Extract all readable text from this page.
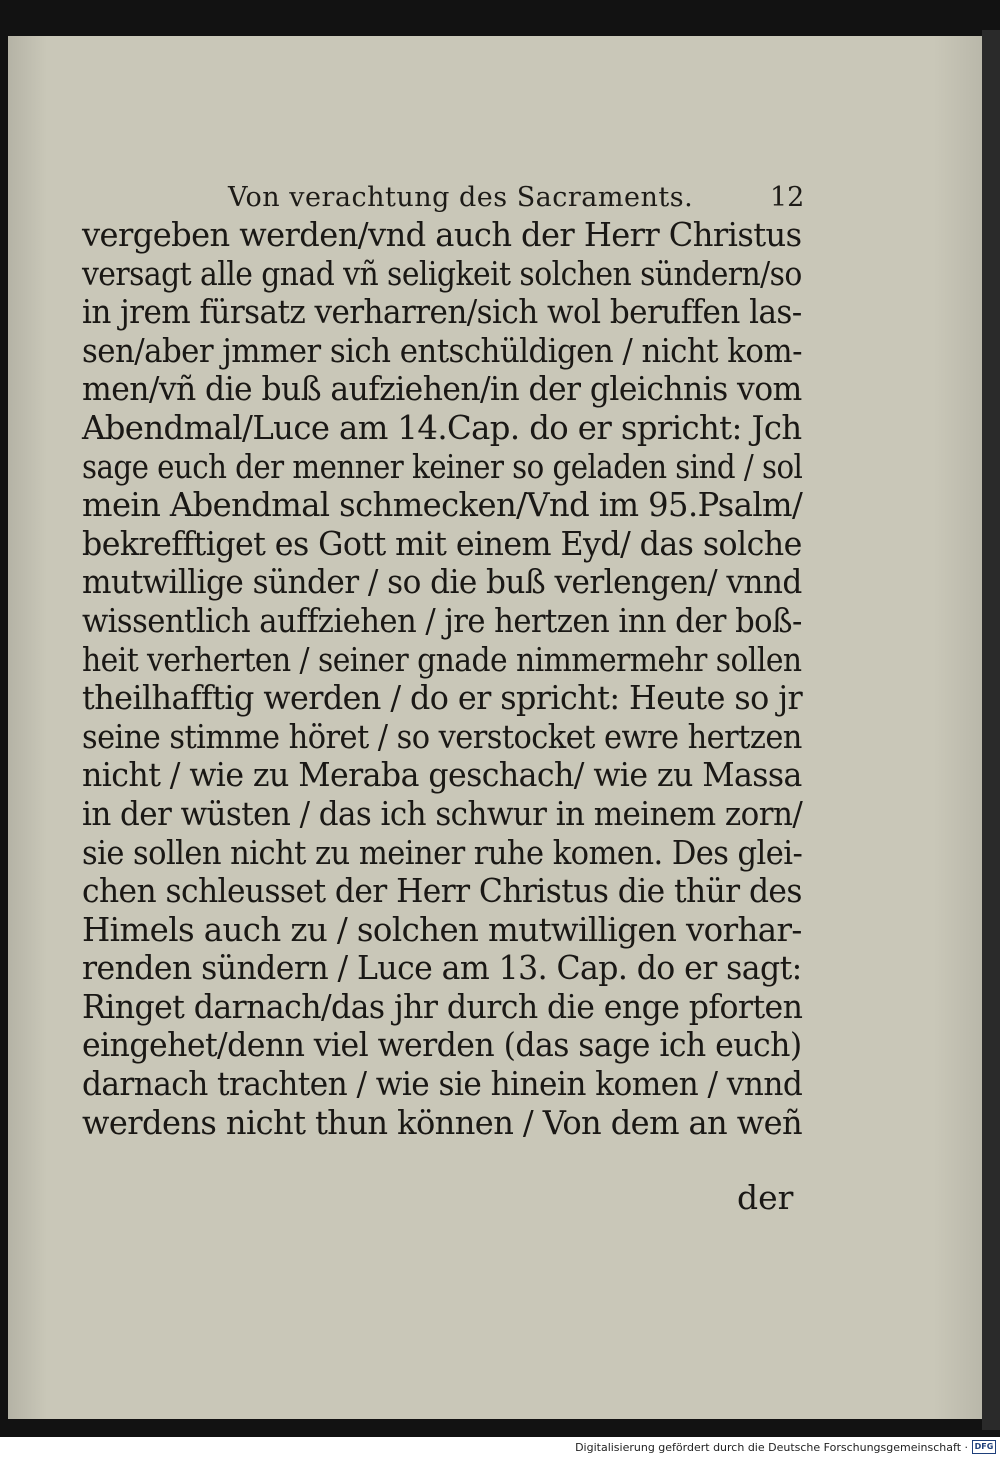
Von verachtung des Sacraments.	12
vergeben werden/vnd auch der Herr Christus
versagt alle gnad vñ seligkeit solchen sündern/so
in jrem fürsatz verharren/sich wol beruffen las-
sen/aber jmmer sich entschüldigen / nicht kom-
men/vñ die buß aufziehen/in der gleichnis vom
Abendmal/Luce am 14.Cap. do er spricht: Jch
sage euch der menner keiner so geladen sind / sol
mein Abendmal schmecken/Vnd im 95.Psalm/
bekrefftiget es Gott mit einem Eyd/ das solche
mutwillige sünder / so die buß verlengen/ vnnd
wissentlich auffziehen / jre hertzen inn der boß-
heit verherten / seiner gnade nimmermehr sollen
theilhafftig werden / do er spricht: Heute so jr
seine stimme höret / so verstocket ewre hertzen
nicht / wie zu Meraba geschach/ wie zu Massa
in der wüsten / das ich schwur in meinem zorn/
sie sollen nicht zu meiner ruhe komen. Des glei-
chen schleusset der Herr Christus die thür des
Himels auch zu / solchen mutwilligen vorhar-
renden sündern / Luce am 13. Cap. do er sagt:
Ringet darnach/das jhr durch die enge pforten
eingehet/denn viel werden (das sage ich euch)
darnach trachten / wie sie hinein komen / vnnd
werdens nicht thun können / Von dem an weñ
der
Digitalisierung gefördert durch die Deutsche Forschungsgemeinschaft · DFG
